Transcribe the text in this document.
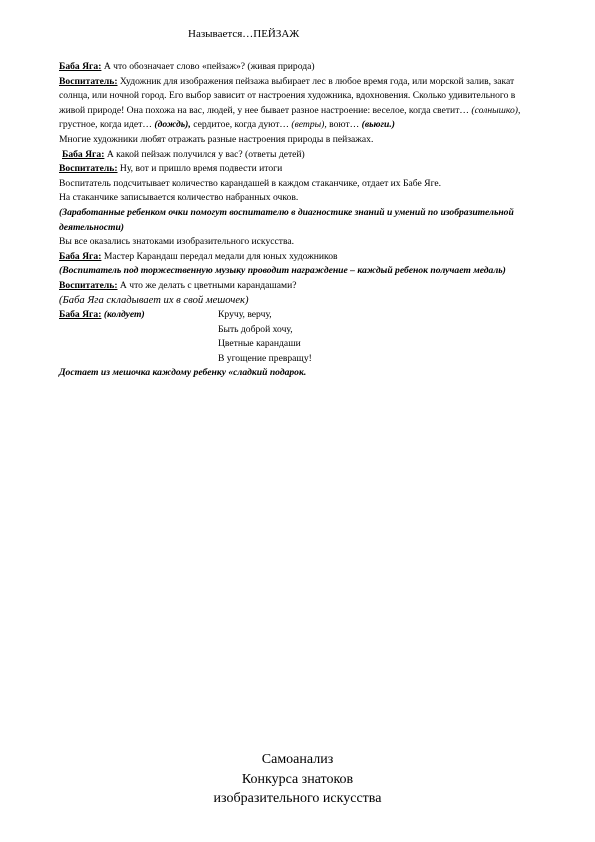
Называется…ПЕЙЗАЖ

Баба Яга: А что обозначает слово «пейзаж»? (живая природа)

Воспитатель: Художник для изображения пейзажа выбирает лес в любое время года, или морской залив, закат солнца, или ночной город. Его выбор зависит от настроения художника, вдохновения. Сколько удивительного в живой природе! Она похожа на вас, людей, у нее бывает разное настроение: веселое, когда светит… (солнышко), грустное, когда идет… (дождь), сердитое, когда дуют… (ветры), воют… (вьюги.)

Многие художники любят отражать разные настроения природы в пейзажах.

Баба Яга: А какой пейзаж получился у вас? (ответы детей)

Воспитатель: Ну, вот и пришло время подвести итоги

Воспитатель подсчитывает количество карандашей в каждом стаканчике, отдает их Бабе Яге.

На стаканчике записывается количество набранных очков.

(Заработанные ребенком очки помогут воспитателю в диагностике знаний и умений по изобразительной деятельности)

Вы все оказались знатоками изобразительного искусства.

Баба Яга: Мастер Карандаш передал медали для юных художников

(Воспитатель под торжественную музыку проводит награждение – каждый ребенок получает медаль)

Воспитатель: А что же делать с цветными карандашами?

(Баба Яга складывает их в свой мешочек)

Баба Яга: (колдует)	Кручу, верчу,

Быть доброй хочу,

Цветные карандаши

В угощение превращу!

Достает из мешочка каждому ребенку «сладкий подарок.

Самоанализ
Конкурса знатоков
изобразительного искусства
